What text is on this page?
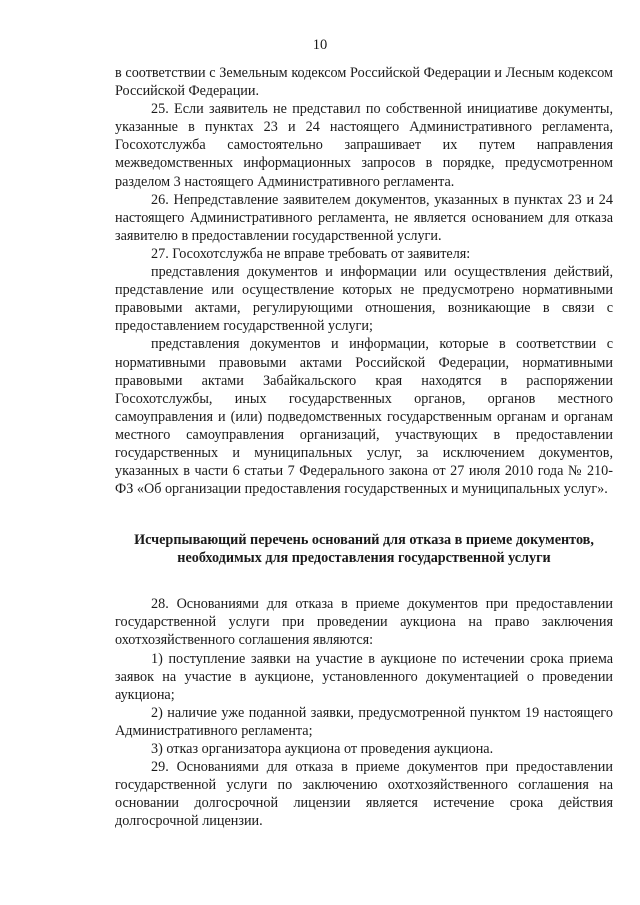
10

в соответствии с Земельным кодексом Российской Федерации и Лесным кодексом Российской Федерации.

25. Если заявитель не представил по собственной инициативе документы, указанные в пунктах 23 и 24 настоящего Административного регламента, Госохотслужба самостоятельно запрашивает их путем направления межведомственных информационных запросов в порядке, предусмотренном разделом 3 настоящего Административного регламента.

26. Непредставление заявителем документов, указанных в пунктах 23 и 24 настоящего Административного регламента, не является основанием для отказа заявителю в предоставлении государственной услуги.

27. Госохотслужба не вправе требовать от заявителя:

представления документов и информации или осуществления действий, представление или осуществление которых не предусмотрено нормативными правовыми актами, регулирующими отношения, возникающие в связи с предоставлением государственной услуги;

представления документов и информации, которые в соответствии с нормативными правовыми актами Российской Федерации, нормативными правовыми актами Забайкальского края находятся в распоряжении Госохотслужбы, иных государственных органов, органов местного самоуправления и (или) подведомственных государственным органам и органам местного самоуправления организаций, участвующих в предоставлении государственных и муниципальных услуг, за исключением документов, указанных в части 6 статьи 7 Федерального закона от 27 июля 2010 года № 210-ФЗ «Об организации предоставления государственных и муниципальных услуг».

Исчерпывающий перечень оснований для отказа в приеме документов,
необходимых для предоставления государственной услуги

28. Основаниями для отказа в приеме документов при предоставлении государственной услуги при проведении аукциона на право заключения охотхозяйственного соглашения являются:

1) поступление заявки на участие в аукционе по истечении срока приема заявок на участие в аукционе, установленного документацией о проведении аукциона;

2) наличие уже поданной заявки, предусмотренной пунктом 19 настоящего Административного регламента;

3) отказ организатора аукциона от проведения аукциона.

29. Основаниями для отказа в приеме документов при предоставлении государственной услуги по заключению охотхозяйственного соглашения на основании долгосрочной лицензии является истечение срока действия долгосрочной лицензии.
